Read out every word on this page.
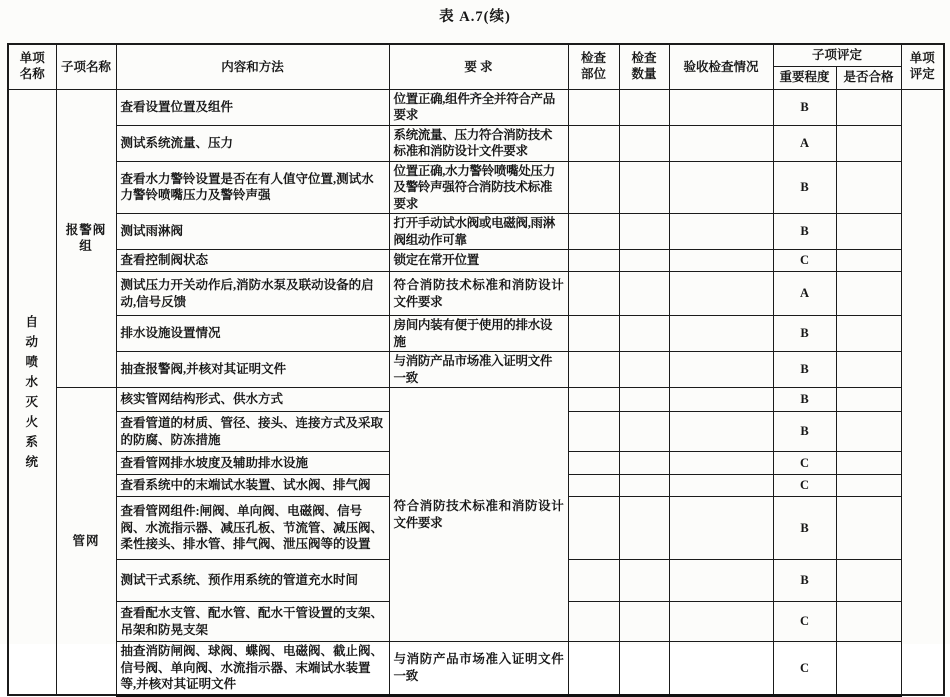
表 A.7(续)
单项名称	子项名称	内容和方法	要 求	检查部位	检查数量	验收检查情况	子项评定		单项评定

							重要程度	是否合格	

自动喷水灭火系统	报警阀组	查看设置位置及组件	位置正确,组件齐全并符合产品要求				B		
		测试系统流量、压力	系统流量、压力符合消防技术标准和消防设计文件要求				A		
		查看水力警铃设置是否在有人值守位置,测试水力警铃喷嘴压力及警铃声强	位置正确,水力警铃喷嘴处压力及警铃声强符合消防技术标准要求				B		
		测试雨淋阀	打开手动试水阀或电磁阀,雨淋阀组动作可靠				B		
		查看控制阀状态	锁定在常开位置				C		
		测试压力开关动作后,消防水泵及联动设备的启动,信号反馈	符合消防技术标准和消防设计文件要求				A		
		排水设施设置情况	房间内装有便于使用的排水设施				B		
		抽查报警阀,并核对其证明文件	与消防产品市场准入证明文件一致				B		
	管网	核实管网结构形式、供水方式	符合消防技术标准和消防设计文件要求				B		
		查看管道的材质、管径、接头、连接方式及采取的防腐、防冻措施					B		
		查看管网排水坡度及辅助排水设施					C		
		查看系统中的末端试水装置、试水阀、排气阀					C		
		查看管网组件:闸阀、单向阀、电磁阀、信号阀、水流指示器、减压孔板、节流管、减压阀、柔性接头、排水管、排气阀、泄压阀等的设置					B		
		测试干式系统、预作用系统的管道充水时间					B		
		查看配水支管、配水管、配水干管设置的支架、吊架和防晃支架					C		
		抽查消防闸阀、球阀、蝶阀、电磁阀、截止阀、信号阀、单向阀、水流指示器、末端试水装置等,并核对其证明文件	与消防产品市场准入证明文件一致				C		
